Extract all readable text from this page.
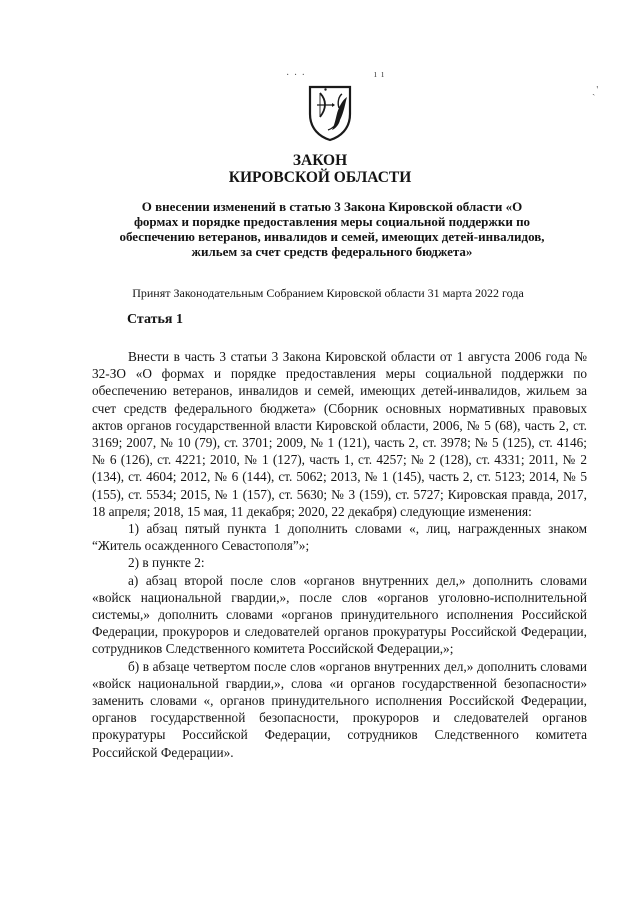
· · ·	ı ı
ˏ'
ЗАКОН
КИРОВСКОЙ ОБЛАСТИ
О внесении изменений в статью 3 Закона Кировской области «О формах и порядке предоставления меры социальной поддержки по обеспечению ветеранов, инвалидов и семей, имеющих детей-инвалидов, жильем за счет средств федерального бюджета»
Принят Законодательным Собранием Кировской области 31 марта 2022 года
Статья 1

Внести в часть 3 статьи 3 Закона Кировской области от 1 августа 2006 года № 32-ЗО «О формах и порядке предоставления меры социальной поддержки по обеспечению ветеранов, инвалидов и семей, имеющих детей-инвалидов, жильем за счет средств федерального бюджета» (Сборник основных нормативных правовых актов органов государственной власти Кировской области, 2006, № 5 (68), часть 2, ст. 3169; 2007, № 10 (79), ст. 3701; 2009, № 1 (121), часть 2, ст. 3978; № 5 (125), ст. 4146; № 6 (126), ст. 4221; 2010, № 1 (127), часть 1, ст. 4257; № 2 (128), ст. 4331; 2011, № 2 (134), ст. 4604; 2012, № 6 (144), ст. 5062; 2013, № 1 (145), часть 2, ст. 5123; 2014, № 5 (155), ст. 5534; 2015, № 1 (157), ст. 5630; № 3 (159), ст. 5727; Кировская правда, 2017, 18 апреля; 2018, 15 мая, 11 декабря; 2020, 22 декабря) следующие изменения:

1) абзац пятый пункта 1 дополнить словами «, лиц, награжденных знаком “Житель осажденного Севастополя”»;

2) в пункте 2:

а) абзац второй после слов «органов внутренних дел,» дополнить словами «войск национальной гвардии,», после слов «органов уголовно-исполнительной системы,» дополнить словами «органов принудительного исполнения Российской Федерации, прокуроров и следователей органов прокуратуры Российской Федерации, сотрудников Следственного комитета Российской Федерации,»;

б) в абзаце четвертом после слов «органов внутренних дел,» дополнить словами «войск национальной гвардии,», слова «и органов государственной безопасности» заменить словами «, органов принудительного исполнения Российской Федерации, органов государственной безопасности, прокуроров и следователей органов прокуратуры Российской Федерации, сотрудников Следственного комитета Российской Федерации».
